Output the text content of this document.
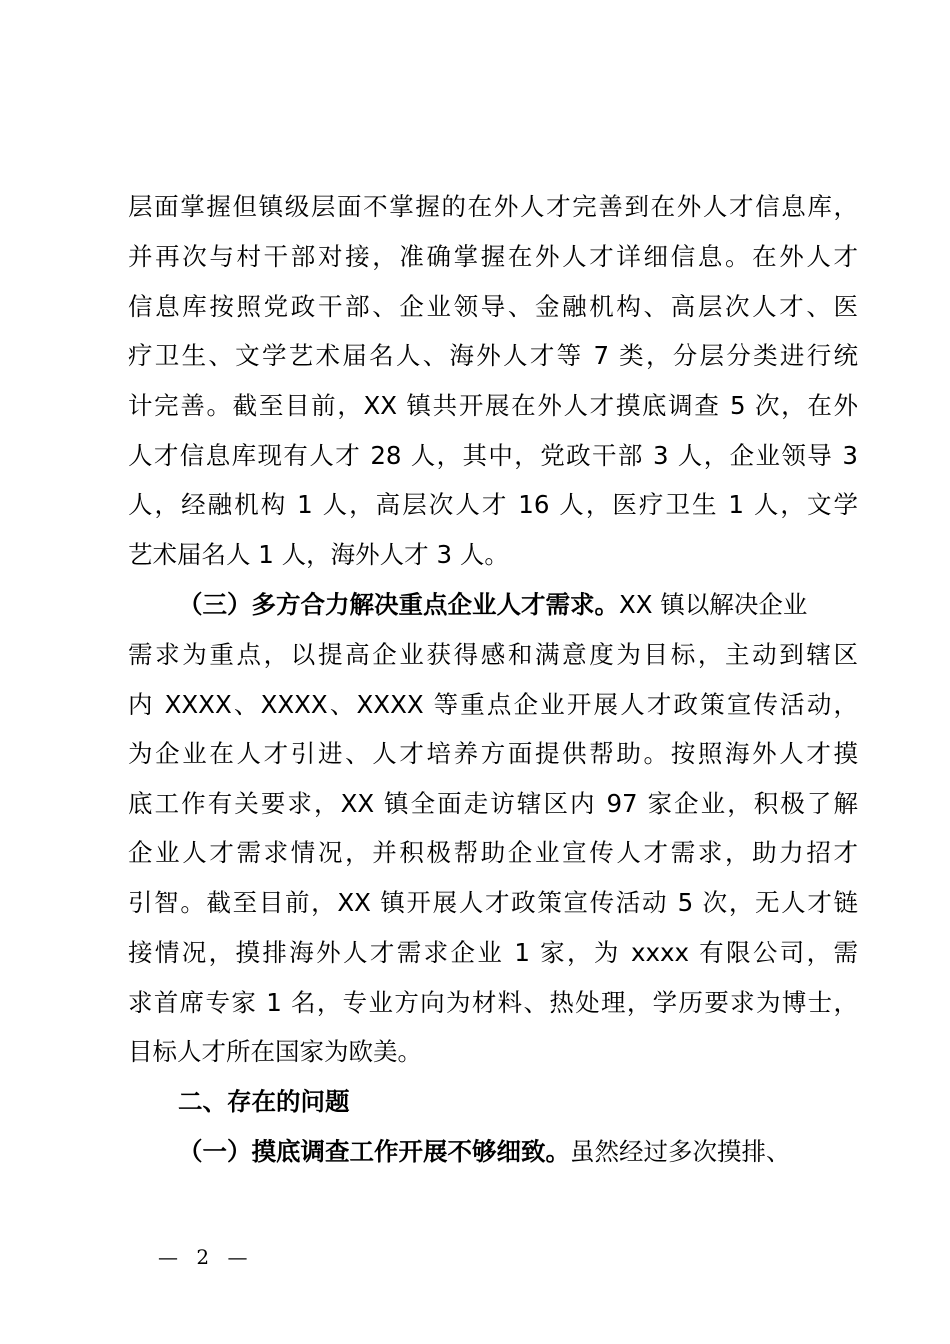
层面掌握但镇级层面不掌握的在外人才完善到在外人才信息库，
并再次与村干部对接，准确掌握在外人才详细信息。在外人才
信息库按照党政干部、企业领导、金融机构、高层次人才、医
疗卫生、文学艺术届名人、海外人才等 7 类，分层分类进行统
计完善。截至目前，XX 镇共开展在外人才摸底调查 5 次，在外
人才信息库现有人才 28 人，其中，党政干部 3 人，企业领导 3
人，经融机构 1 人，高层次人才 16 人，医疗卫生 1 人，文学
艺术届名人 1 人，海外人才 3 人。
（三）多方合力解决重点企业人才需求。XX 镇以解决企业
需求为重点，以提高企业获得感和满意度为目标，主动到辖区
内 XXXX、XXXX、XXXX 等重点企业开展人才政策宣传活动，
为企业在人才引进、人才培养方面提供帮助。按照海外人才摸
底工作有关要求，XX 镇全面走访辖区内 97 家企业，积极了解
企业人才需求情况，并积极帮助企业宣传人才需求，助力招才
引智。截至目前，XX 镇开展人才政策宣传活动 5 次，无人才链
接情况，摸排海外人才需求企业 1 家，为 xxxx 有限公司，需
求首席专家 1 名，专业方向为材料、热处理，学历要求为博士，
目标人才所在国家为欧美。
二、存在的问题
（一）摸底调查工作开展不够细致。虽然经过多次摸排、
— 2 —
